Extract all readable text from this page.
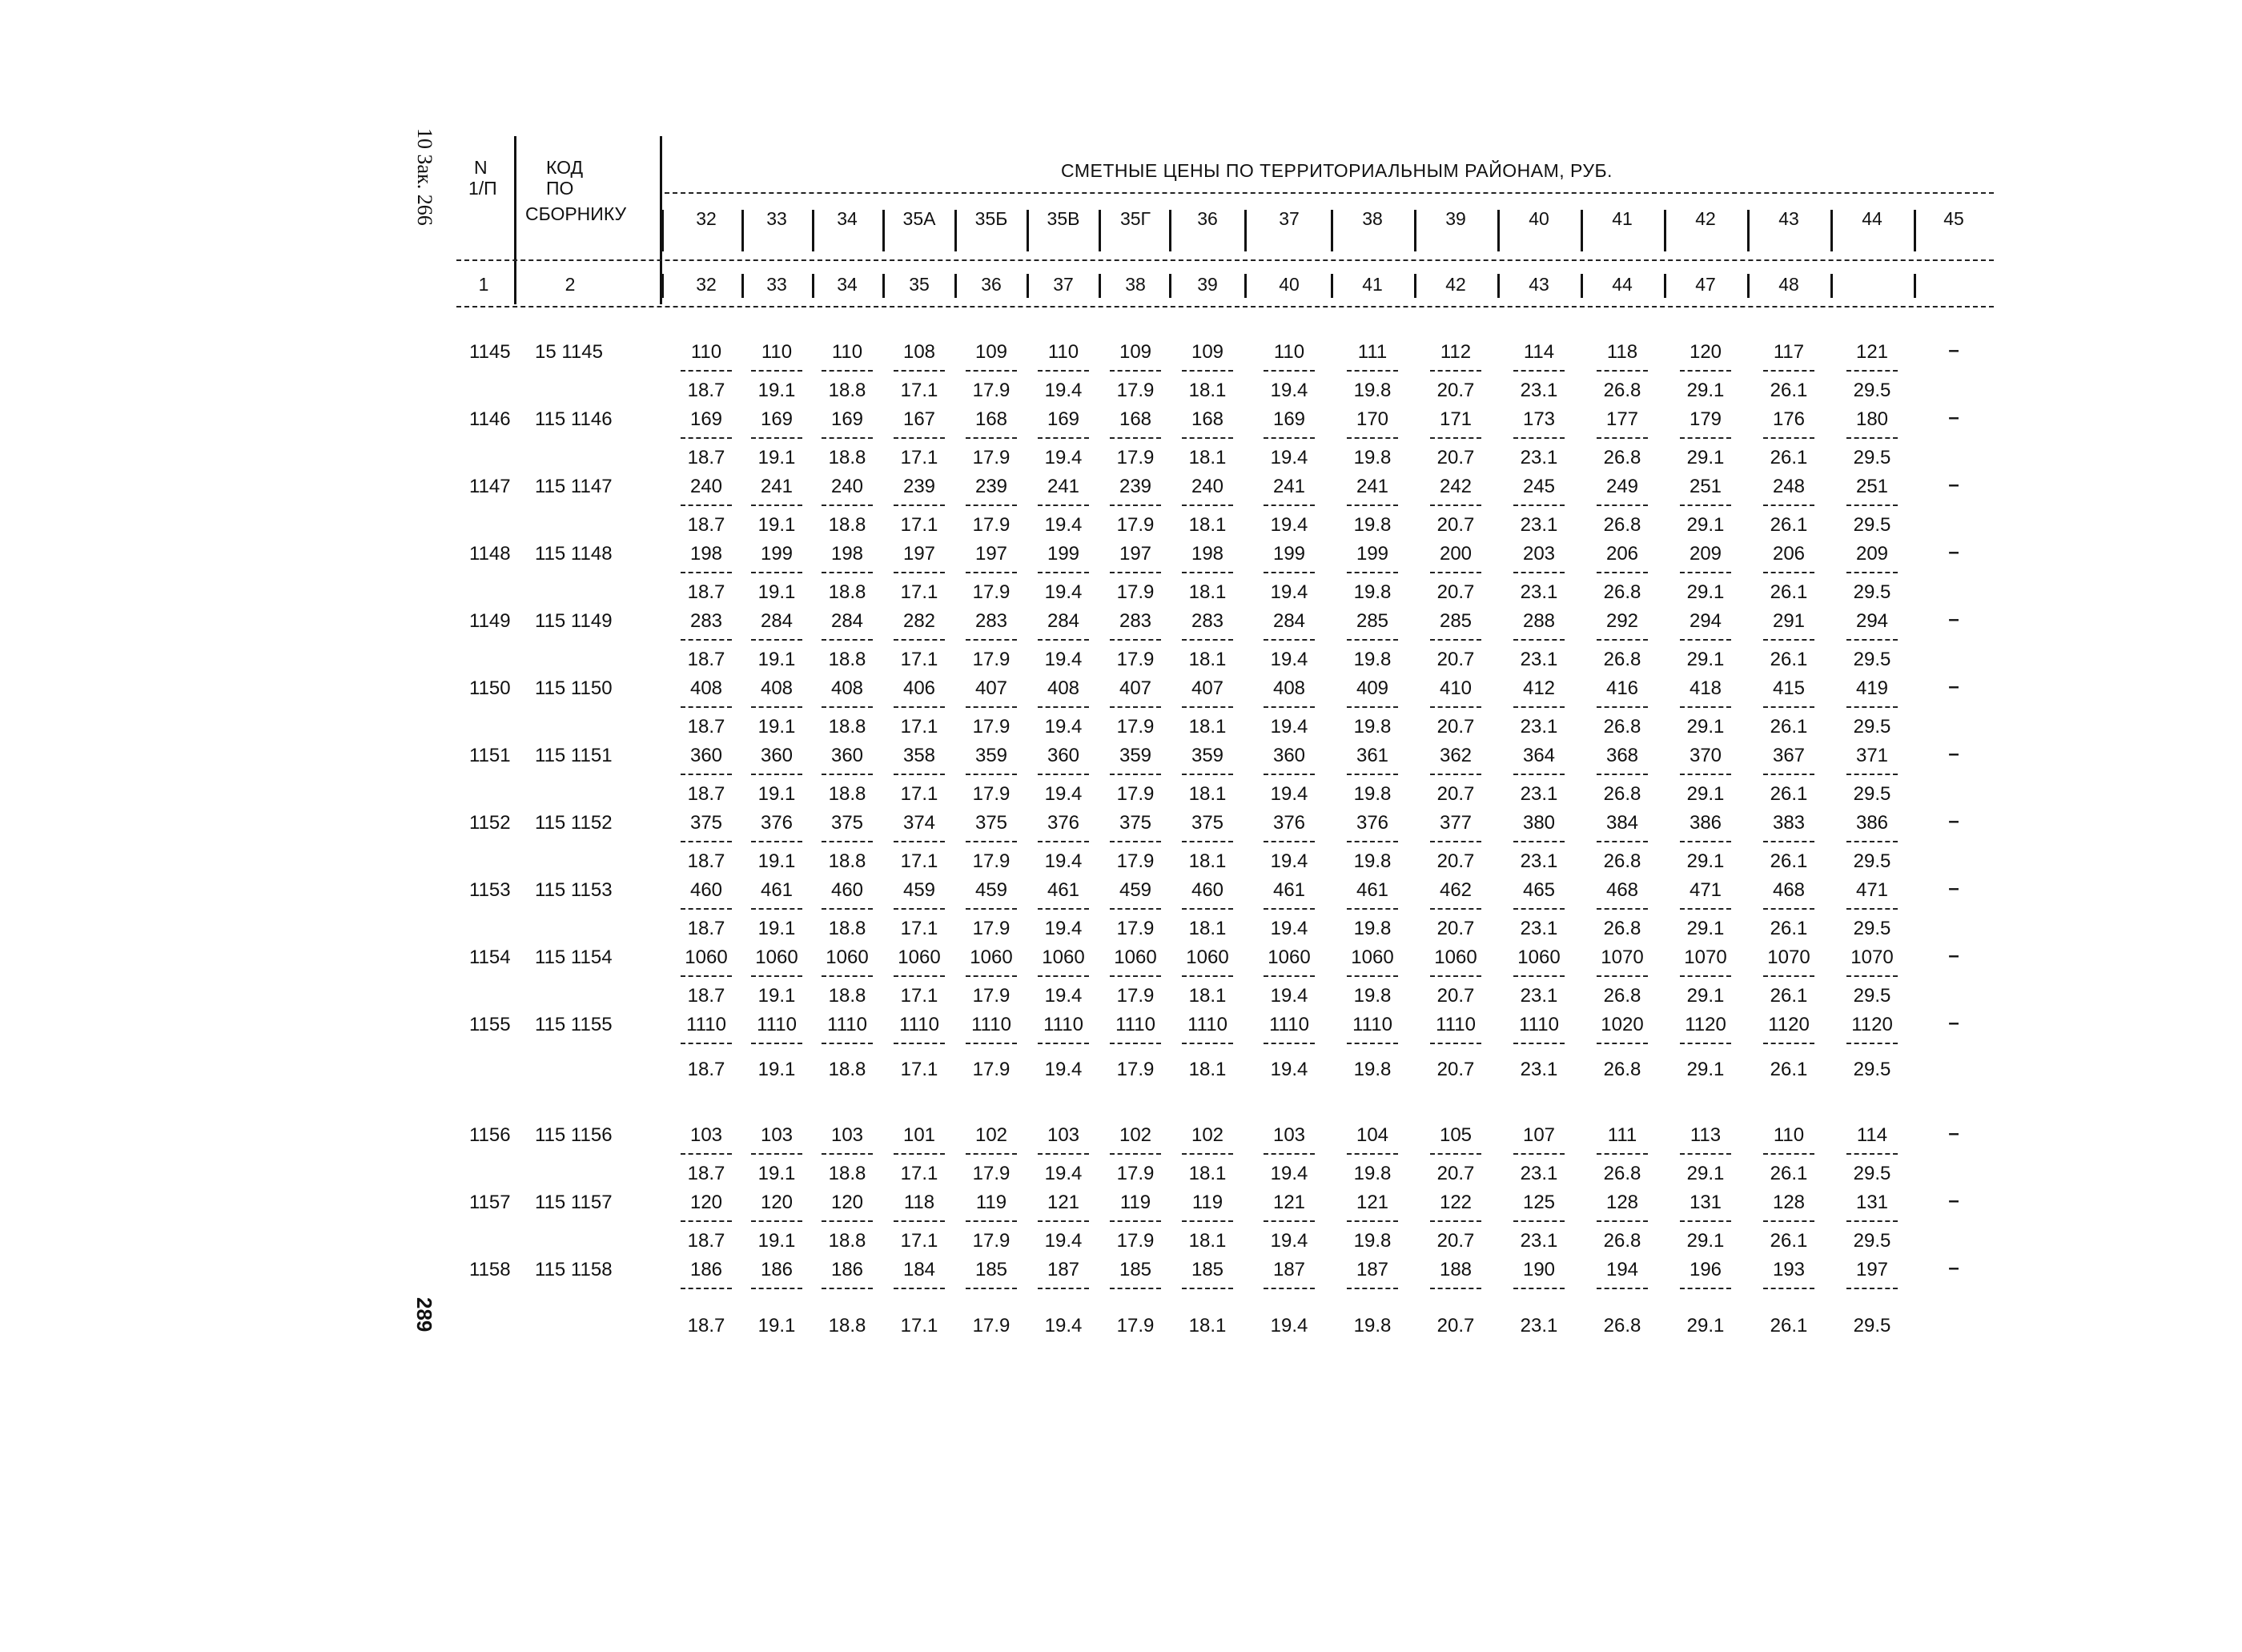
10 Зак. 266
289
N
1/П
КОД
ПО
СБОРНИКУ
СМЕТНЫЕ ЦЕНЫ ПО ТЕРРИТОРИАЛЬНЫМ РАЙОНАМ, РУБ.
32	33	34 35А 35Б 35В 35Г	36	37	38	39	40	41	42	43	44	45
1	2	32	33	34	35	36	37	38	39	40	41	42	43	44	47	48
1145 15 1145	110 110 110 108 109 110 109 109	110	111	112	114	118	120	117	121	–
18.7 19.1 18.8 17.1 17.9 19.4 17.9 18.1 19.4 19.8 20.7 23.1 26.8 29.1 26.1 29.5
1146 115 1146	169 169 169 167 168 169 168 168	169	170	171	173	177	179	176	180	–
18.7 19.1 18.8 17.1 17.9 19.4 17.9 18.1 19.4 19.8 20.7 23.1 26.8 29.1 26.1 29.5
1147 115 1147	240 241 240 239 239 241 239 240	241	241	242	245	249	251	248	251	–
18.7 19.1 18.8 17.1 17.9 19.4 17.9 18.1 19.4 19.8 20.7 23.1 26.8 29.1 26.1 29.5
1148 115 1148	198 199 198 197 197 199 197 198	199	199	200	203	206	209	206	209	–
18.7 19.1 18.8 17.1 17.9 19.4 17.9 18.1 19.4 19.8 20.7 23.1 26.8 29.1 26.1 29.5
1149 115 1149	283 284 284 282 283 284 283 283	284	285	285	288	292	294	291	294	–
18.7 19.1 18.8 17.1 17.9 19.4 17.9 18.1 19.4 19.8 20.7 23.1 26.8 29.1 26.1 29.5
1150 115 1150	408 408 408 406 407 408 407 407	408	409	410	412	416	418	415	419	–
18.7 19.1 18.8 17.1 17.9 19.4 17.9 18.1 19.4 19.8 20.7 23.1 26.8 29.1 26.1 29.5
1151 115 1151	360 360 360 358 359 360 359 359	360	361	362	364	368	370	367	371	–
18.7 19.1 18.8 17.1 17.9 19.4 17.9 18.1 19.4 19.8 20.7 23.1 26.8 29.1 26.1 29.5
1152 115 1152	375 376 375 374 375 376 375 375	376	376	377	380	384	386	383	386	–
18.7 19.1 18.8 17.1 17.9 19.4 17.9 18.1 19.4 19.8 20.7 23.1 26.8 29.1 26.1 29.5
1153 115 1153	460 461 460 459 459 461 459 460	461	461	462	465	468	471	468	471	–
18.7 19.1 18.8 17.1 17.9 19.4 17.9 18.1 19.4 19.8 20.7 23.1 26.8 29.1 26.1 29.5
1154 115 1154	1060 1060 1060 1060 1060 1060 1060 1060 1060 1060 1060 1060 1070 1070 1070 1070	–
18.7 19.1 18.8 17.1 17.9 19.4 17.9 18.1 19.4 19.8 20.7 23.1 26.8 29.1 26.1 29.5
1155 115 1155	1110 1110 1110 1110 1110 1110 1110 1110 1110 1110 1110 1110 1020 1120 1120 1120	–
18.7 19.1 18.8 17.1 17.9 19.4 17.9 18.1 19.4 19.8 20.7 23.1 26.8 29.1 26.1 29.5
1156 115 1156	103 103 103 101 102 103 102 102	103	104	105	107	111	113	110	114	–
18.7 19.1 18.8 17.1 17.9 19.4 17.9 18.1 19.4 19.8 20.7 23.1 26.8 29.1 26.1 29.5
1157 115 1157	120 120 120 118 119 121 119 119	121	121	122	125	128	131	128	131	–
18.7 19.1 18.8 17.1 17.9 19.4 17.9 18.1 19.4 19.8 20.7 23.1 26.8 29.1 26.1 29.5
1158 115 1158	186 186 186 184 185 187 185 185	187	187	188	190	194	196	193	197	–
18.7 19.1 18.8 17.1 17.9 19.4 17.9 18.1 19.4 19.8 20.7 23.1 26.8 29.1 26.1 29.5
